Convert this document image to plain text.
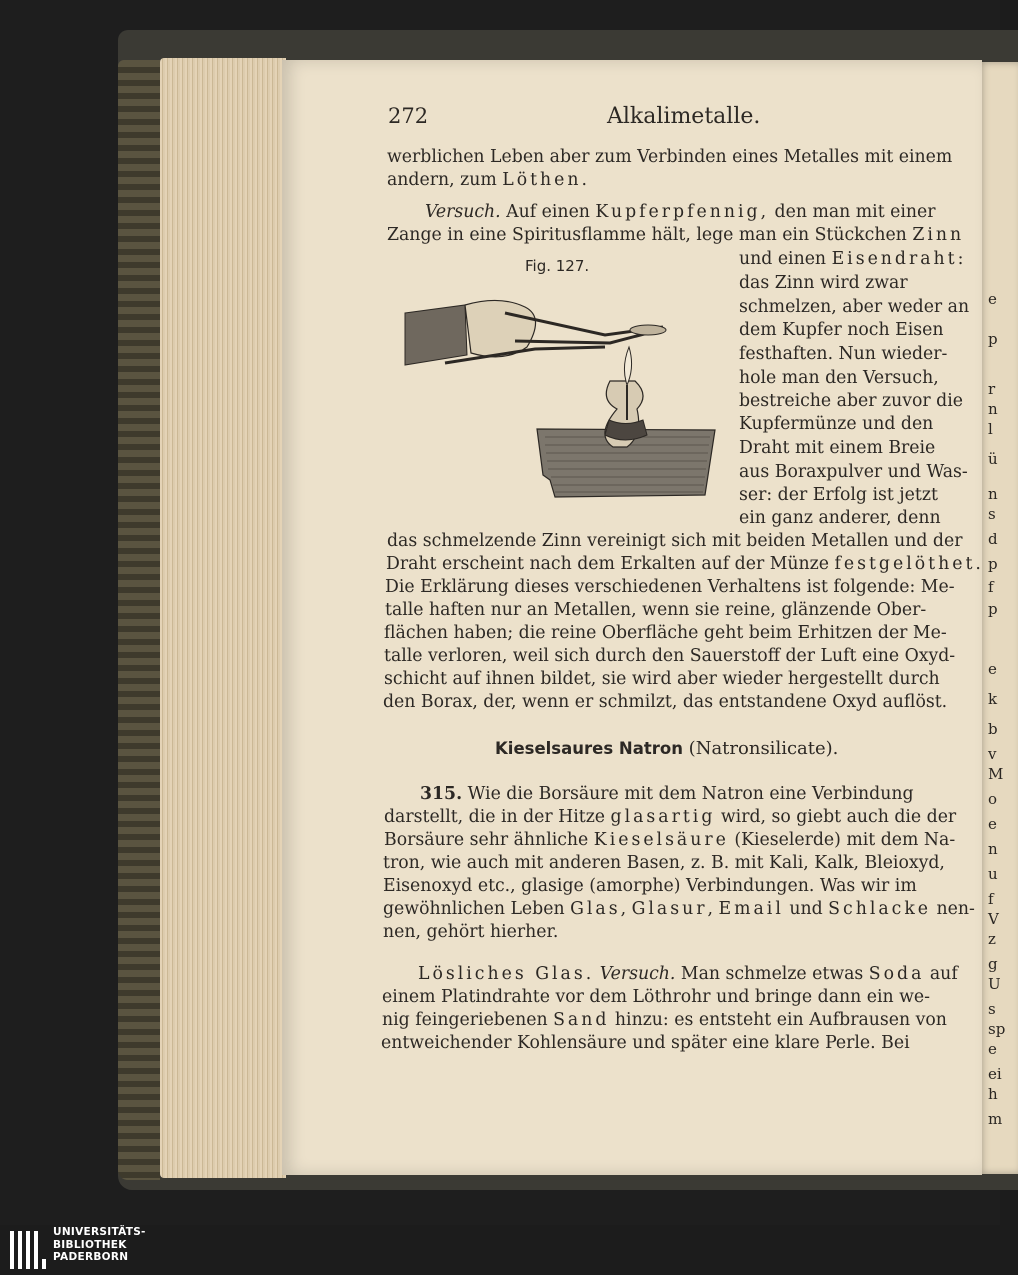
272	Alkalimetalle.
werblichen Leben aber zum Verbinden eines Metalles mit einem
andern, zum Löthen.
Versuch. Auf einen Kupferpfennig, den man mit einer
Zange in eine Spiritusflamme hält, lege man ein Stückchen Zinn
Fig. 127.	und einen Eisendraht:
das Zinn wird zwar
schmelzen, aber weder an
dem Kupfer noch Eisen
festhaften. Nun wieder-
hole man den Versuch,
bestreiche aber zuvor die
Kupfermünze und den
Draht mit einem Breie
aus Boraxpulver und Was-
ser: der Erfolg ist jetzt
ein ganz anderer, denn
das schmelzende Zinn vereinigt sich mit beiden Metallen und der
Draht erscheint nach dem Erkalten auf der Münze festgelöthet.
Die Erklärung dieses verschiedenen Verhaltens ist folgende: Me-
talle haften nur an Metallen, wenn sie reine, glänzende Ober-
flächen haben; die reine Oberfläche geht beim Erhitzen der Me-
talle verloren, weil sich durch den Sauerstoff der Luft eine Oxyd-
schicht auf ihnen bildet, sie wird aber wieder hergestellt durch
den Borax, der, wenn er schmilzt, das entstandene Oxyd auflöst.
Kieselsaures Natron (Natronsilicate).
315. Wie die Borsäure mit dem Natron eine Verbindung
darstellt, die in der Hitze glasartig wird, so giebt auch die der
Borsäure sehr ähnliche Kieselsäure (Kieselerde) mit dem Na-
tron, wie auch mit anderen Basen, z. B. mit Kali, Kalk, Bleioxyd,
Eisenoxyd etc., glasige (amorphe) Verbindungen. Was wir im
gewöhnlichen Leben Glas, Glasur, Email und Schlacke nen-
nen, gehört hierher.
Lösliches Glas. Versuch. Man schmelze etwas Soda auf
einem Platindrahte vor dem Löthrohr und bringe dann ein we-
nig feingeriebenen Sand hinzu: es entsteht ein Aufbrausen von
entweichender Kohlensäure und später eine klare Perle. Bei
e
p
r
n
l
ü
n
s
d
p
f
p
e
k
b
v
M
o
e
n
u
f
V
z
g
U
s
sp
e
ei
h
m
UNIVERSITÄTS-
BIBLIOTHEK
PADERBORN
